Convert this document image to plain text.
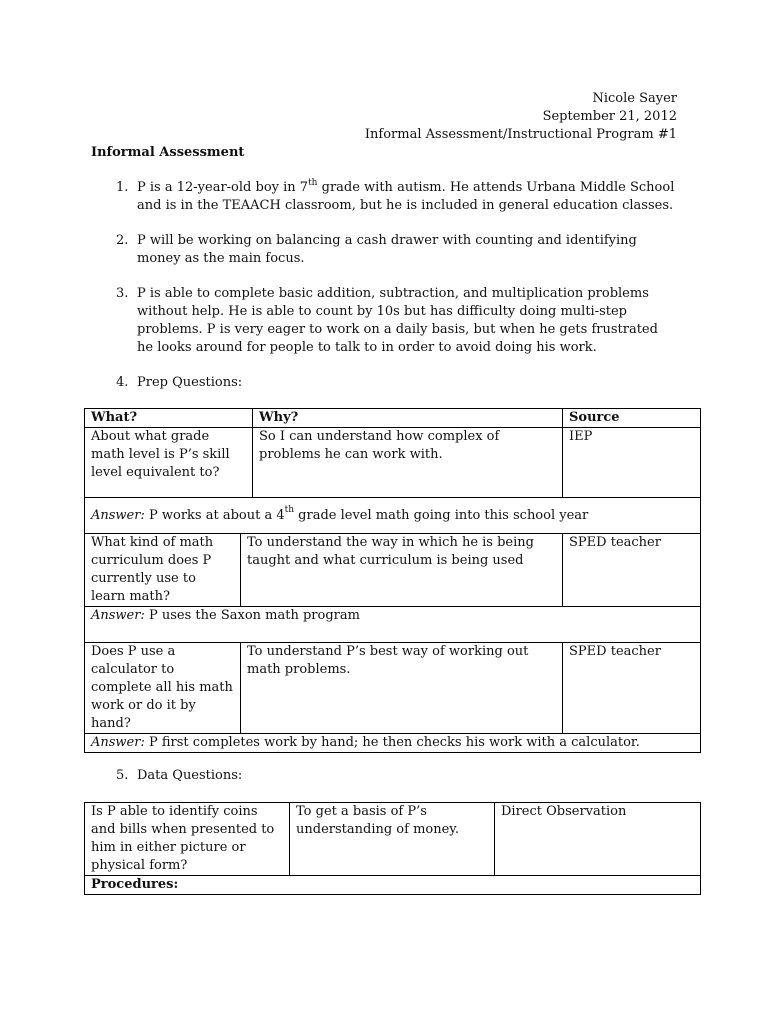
Nicole Sayer
September 21, 2012
Informal Assessment/Instructional Program #1
Informal Assessment
1. P is a 12-year-old boy in 7th grade with autism. He attends Urbana Middle School and is in the TEAACH classroom, but he is included in general education classes.
2. P will be working on balancing a cash drawer with counting and identifying money as the main focus.
3. P is able to complete basic addition, subtraction, and multiplication problems without help. He is able to count by 10s but has difficulty doing multi-step problems. P is very eager to work on a daily basis, but when he gets frustrated he looks around for people to talk to in order to avoid doing his work.
4. Prep Questions:
What?		Why?	Source
About what grade math level is P’s skill level equivalent to?		So I can understand how complex of problems he can work with.	IEP
Answer: P works at about a 4th grade level math going into this school year			
What kind of math curriculum does P currently use to learn math?	To understand the way in which he is being taught and what curriculum is being used		SPED teacher
Answer: P uses the Saxon math program			
Does P use a calculator to complete all his math work or do it by hand?	To understand P’s best way of working out math problems.		SPED teacher
Answer: P first completes work by hand; he then checks his work with a calculator.			
5. Data Questions:
Is P able to identify coins and bills when presented to him in either picture or physical form?	To get a basis of P’s understanding of money.	Direct Observation
Procedures:
